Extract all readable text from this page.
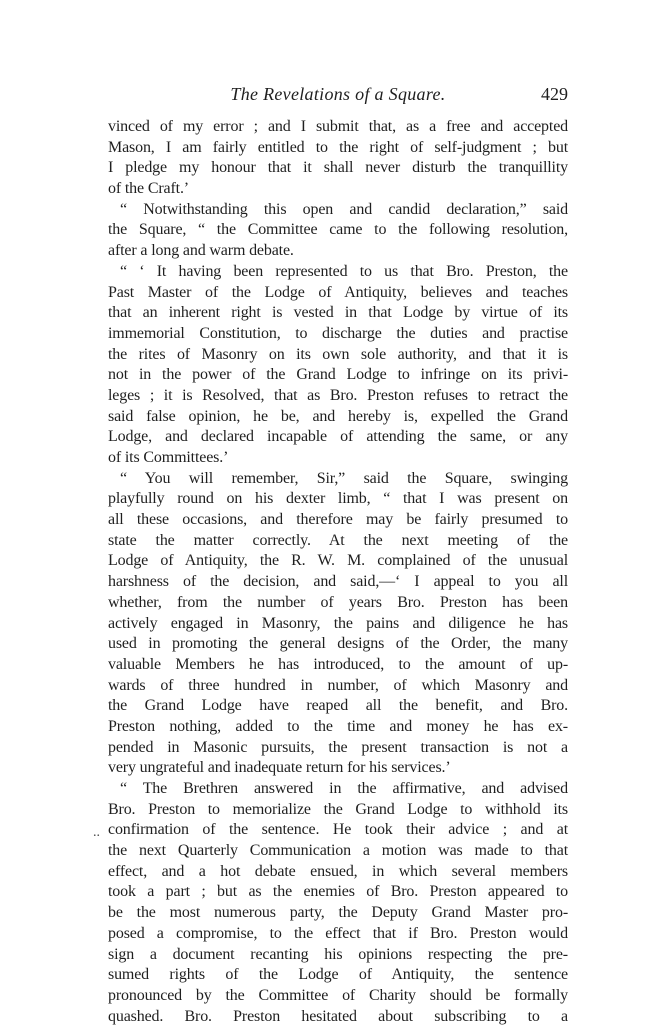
The Revelations of a Square.	429
..
vinced of my error ; and I submit that, as a free and accepted
Mason, I am fairly entitled to the right of self-judgment ; but
I pledge my honour that it shall never disturb the tranquillity
of the Craft.’
“ Notwithstanding this open and candid declaration,” said
the Square, “ the Committee came to the following resolution,
after a long and warm debate.
“ ‘ It having been represented to us that Bro. Preston, the
Past Master of the Lodge of Antiquity, believes and teaches
that an inherent right is vested in that Lodge by virtue of its
immemorial Constitution, to discharge the duties and practise
the rites of Masonry on its own sole authority, and that it is
not in the power of the Grand Lodge to infringe on its privi-
leges ; it is Resolved, that as Bro. Preston refuses to retract the
said false opinion, he be, and hereby is, expelled the Grand
Lodge, and declared incapable of attending the same, or any
of its Committees.’
“ You will remember, Sir,” said the Square, swinging
playfully round on his dexter limb, “ that I was present on
all these occasions, and therefore may be fairly presumed to
state the matter correctly. At the next meeting of the
Lodge of Antiquity, the R. W. M. complained of the unusual
harshness of the decision, and said,—‘ I appeal to you all
whether, from the number of years Bro. Preston has been
actively engaged in Masonry, the pains and diligence he has
used in promoting the general designs of the Order, the many
valuable Members he has introduced, to the amount of up-
wards of three hundred in number, of which Masonry and
the Grand Lodge have reaped all the benefit, and Bro.
Preston nothing, added to the time and money he has ex-
pended in Masonic pursuits, the present transaction is not a
very ungrateful and inadequate return for his services.’
“ The Brethren answered in the affirmative, and advised
Bro. Preston to memorialize the Grand Lodge to withhold its
confirmation of the sentence. He took their advice ; and at
the next Quarterly Communication a motion was made to that
effect, and a hot debate ensued, in which several members
took a part ; but as the enemies of Bro. Preston appeared to
be the most numerous party, the Deputy Grand Master pro-
posed a compromise, to the effect that if Bro. Preston would
sign a document recanting his opinions respecting the pre-
sumed rights of the Lodge of Antiquity, the sentence
pronounced by the Committee of Charity should be formally
quashed. Bro. Preston hesitated about subscribing to a
